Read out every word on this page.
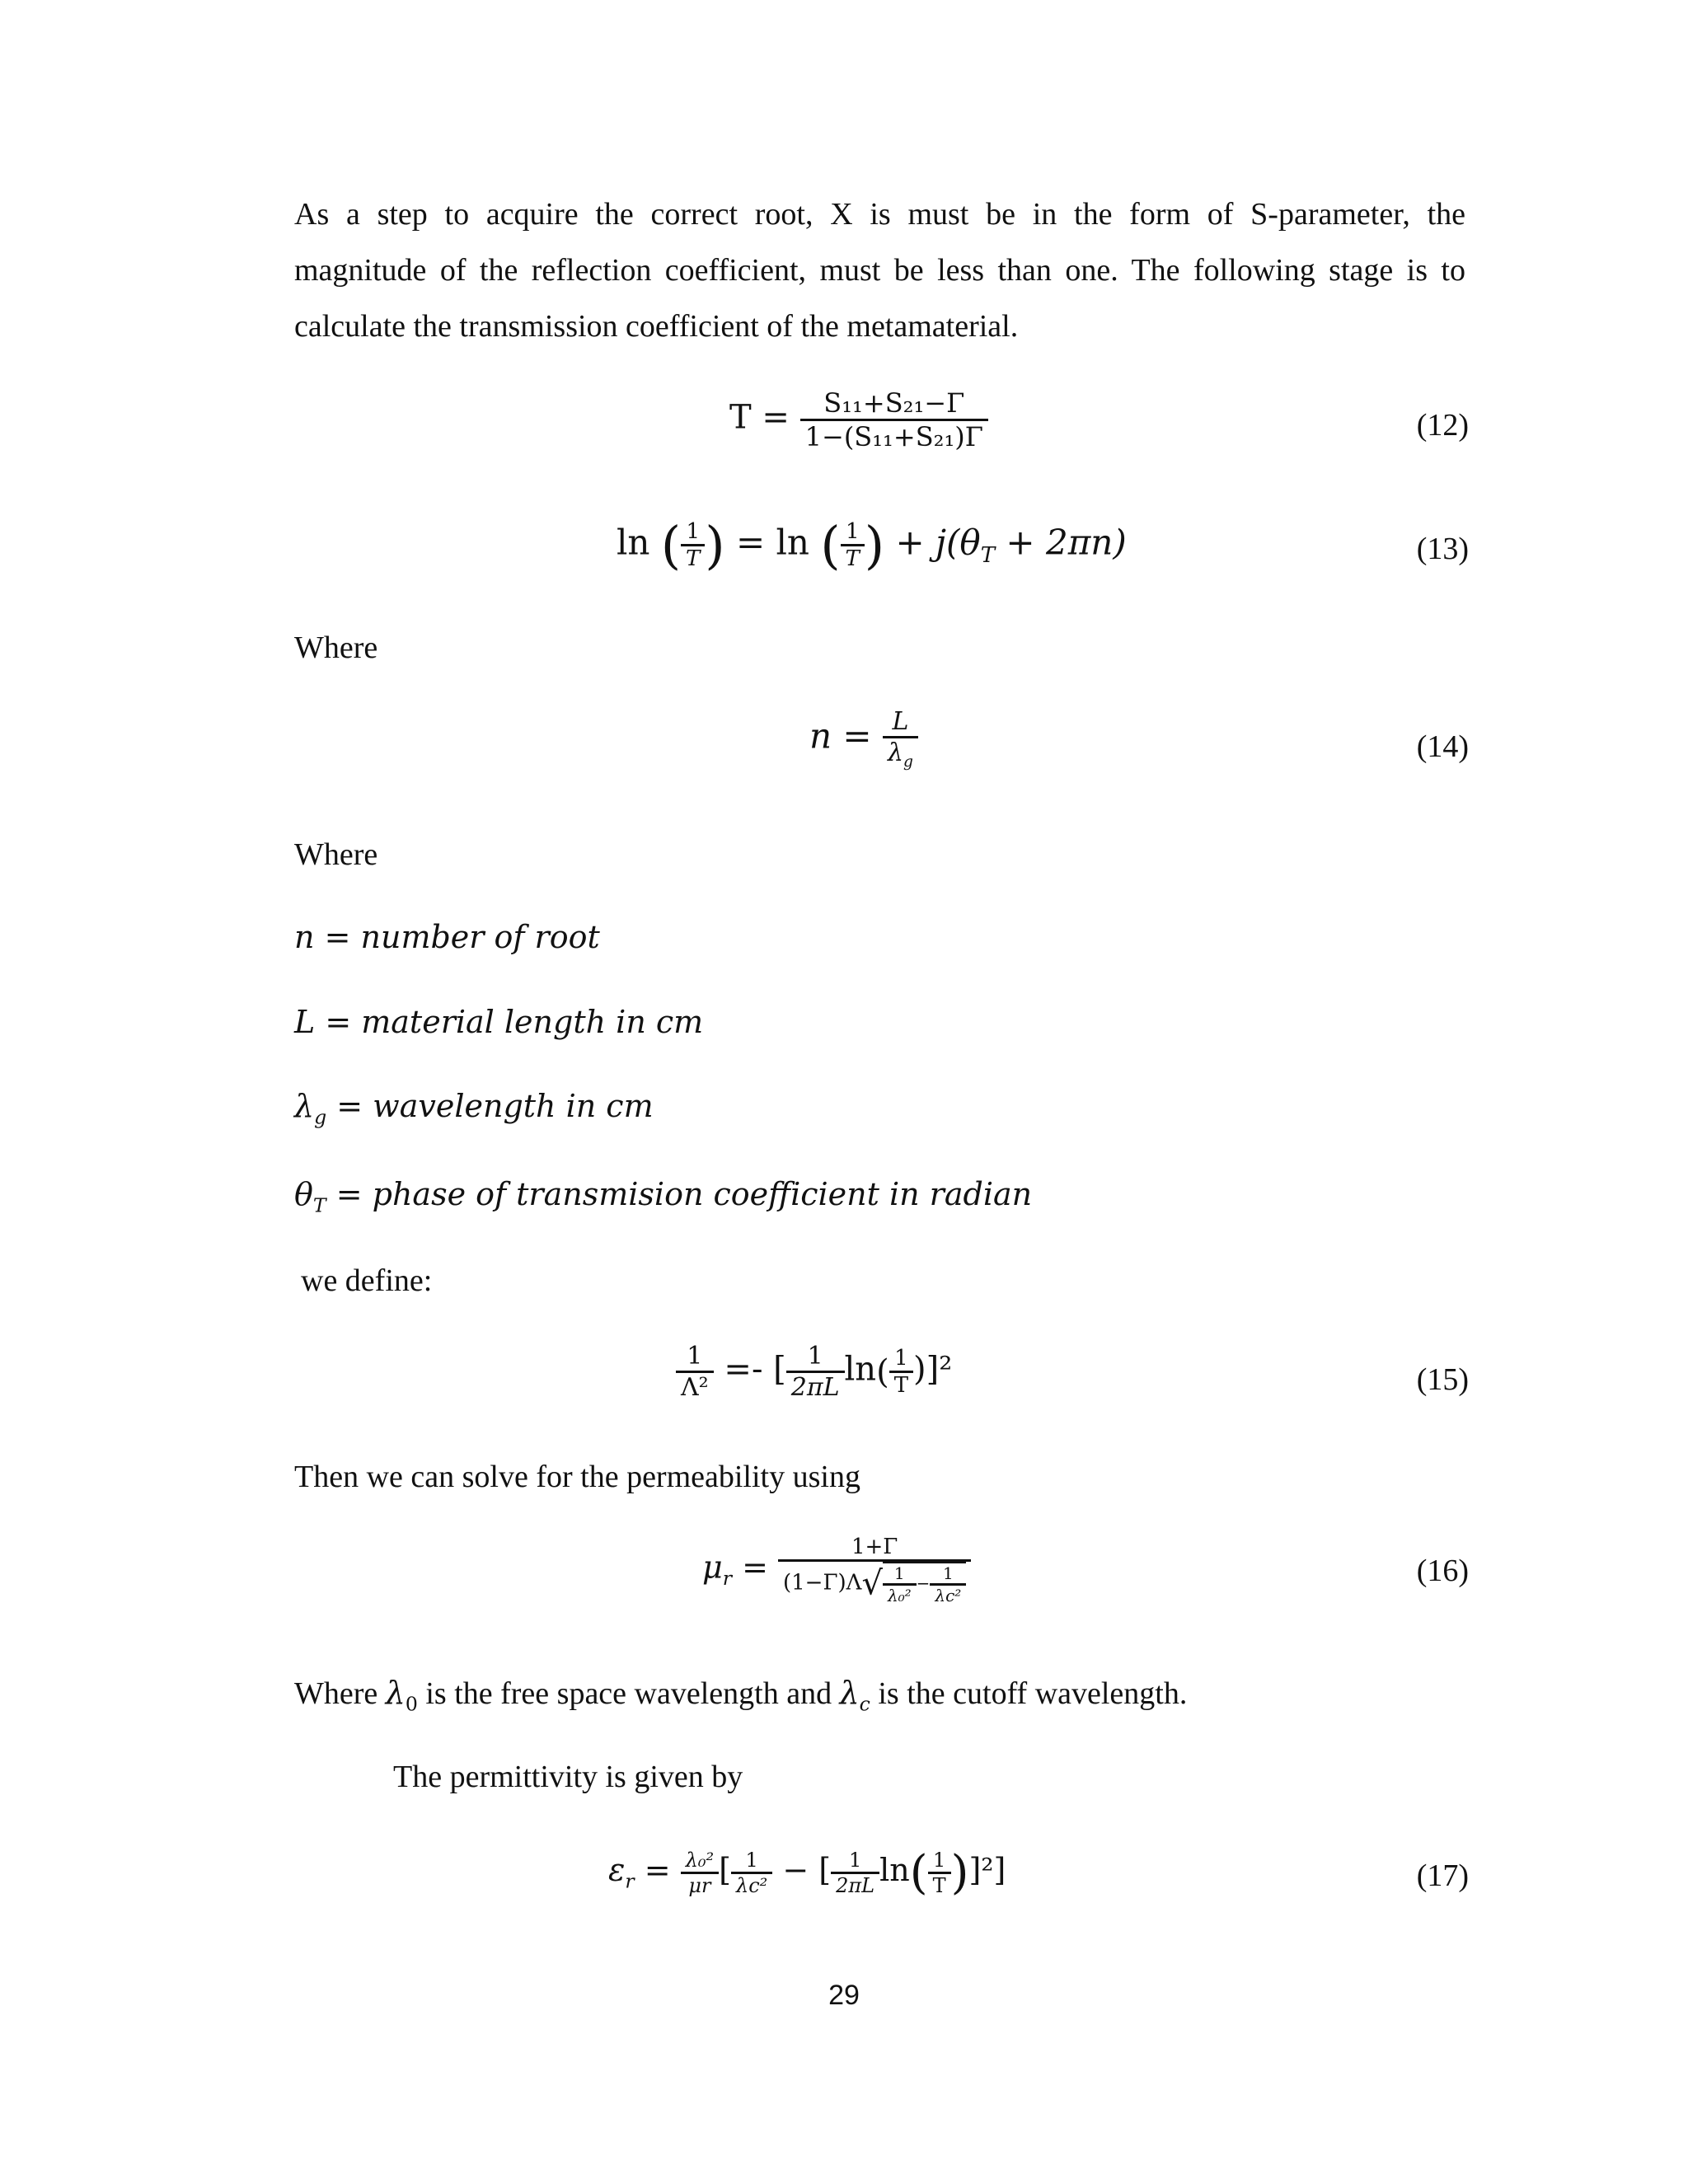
As a step to acquire the correct root, X is must be in the form of S-parameter, the
magnitude of the reflection coefficient, must be less than one. The following stage is to
calculate the transmission coefficient of the metamaterial.
$T = \frac{\text{S₁₁+S₂₁−Γ}}{\text{1−(S₁₁+S₂₁)Γ}}$	(12)
ln ( $\frac{1}{T}$ ) = ln ( $\frac{1}{T}$ ) + $j(\theta_T + 2\pi n)$	(13)
Where
$n = \frac{L}{\lambda_g}$	(14)
Where
n = number of root
L = material length in cm
$\lambda_g$ = wavelength in cm
$\theta_T$ = phase of transmision coefficient in radian
we define:
$\frac{1}{\text{Λ²}}$ =- [ $\frac{1}{2\pi L} \ln( \frac{1}{T} )]^2$	(15)
Then we can solve for the permeability using
$\mu_r = \frac{1+\Gamma}{(1-\Gamma)\Lambda√ \frac{1}{\text{λ₀²}} - \frac{1}{\text{λc²}}}$	(16)
Where $\lambda_0$ is the free space wavelength and $\lambda_c$ is the cutoff wavelength.
The permittivity is given by
$\varepsilon_r = \frac{\text{λ₀²}}{\mu r}$ [ $\frac{1}{\text{λc²}}$ − [ $\frac{1}{2\pi L} \ln( \frac{1}{T} )]^2$]	(17)
29
